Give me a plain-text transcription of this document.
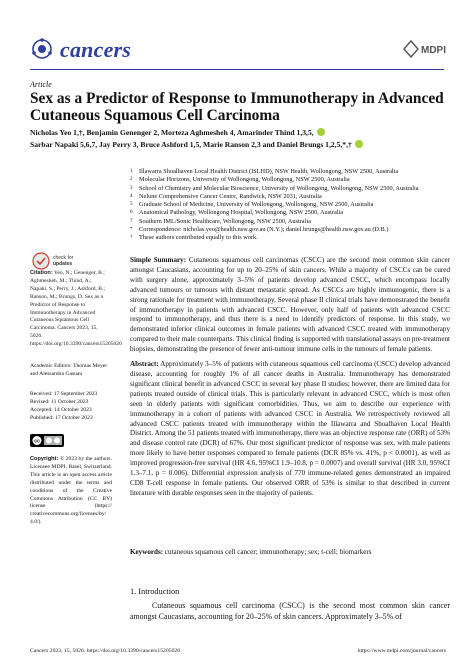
cancers	MDPI
Article
Sex as a Predictor of Response to Immunotherapy in Advanced Cutaneous Squamous Cell Carcinoma
Nicholas Yeo 1,†, Benjamin Genenger 2, Morteza Aghmesheh 4, Amarinder Thind 1,3,5,
Sarbar Napaki 5,6,7, Jay Perry 3, Bruce Ashford 1,5, Marie Ranson 2,3 and Daniel Brungs 1,2,5,*,†
1	Illawarra Shoalhaven Local Health District (ISLHD), NSW Health, Wollongong, NSW 2500, Australia
2	Molecular Horizons, University of Wollongong, Wollongong, NSW 2500, Australia
3	School of Chemistry and Molecular Bioscience, University of Wollongong, Wollongong, NSW 2500, Australia
4	Nelune Comprehensive Cancer Centre, Randwick, NSW 2031, Australia
5	Graduate School of Medicine, University of Wollongong, Wollongong, NSW 2500, Australia
6	Anatomical Pathology, Wollongong Hospital, Wollongong, NSW 2500, Australia
7	Southern IML/Sonic Healthcare, Wollongong, NSW 2500, Australia
*	Correspondence: nicholas.yeo@health.nsw.gov.au (N.Y.); daniel.brungs@health.nsw.gov.au (D.B.)
†	These authors contributed equally to this work.
check for
updates
Citation: Yeo, N.; Genenger, B.; Aghmesheh, M.; Thind, A.; Napaki, S.; Perry, J.; Ashford, B.; Ranson, M.; Brungs, D. Sex as a Predictor of Response to Immunotherapy in Advanced Cutaneous Squamous Cell Carcinoma. Cancers 2023, 15, 5026. https://doi.org/10.3390/cancers15205026
Academic Editors: Thomas Meyer and Alessandra Gasuau
Received: 17 September 2023
Revised: 11 October 2023
Accepted: 14 October 2023
Published: 17 October 2023
cc
Copyright: © 2023 by the authors. Licensee MDPI, Basel, Switzerland. This article is an open access article distributed under the terms and conditions of the Creative Commons Attribution (CC BY) license (https:// creativecommons.org/licenses/by/ 4.0/).

Simple Summary: Cutaneous squamous cell carcinomas (CSCC) are the second most common skin cancer amongst Caucasians, accounting for up to 20–25% of skin cancers. While a majority of CSCCs can be cured with surgery alone, approximately 3–5% of patients develop advanced CSCC, which encompass locally advanced tumours or tumours with distant metastatic spread. As CSCCs are highly immunogenic, there is a strong rationale for treatment with immunotherapy. Several phase II clinical trials have demonstrated the benefit of immunotherapy in patients with advanced CSCC. However, only half of patients with advanced CSCC respond to immunotherapy, and thus there is a need to identify predictors of response. In this study, we demonstrated inferior clinical outcomes in female patients with advanced CSCC treated with immunotherapy compared to their male counterparts. This clinical finding is supported with translational assays on pre-treatment biopsies, demonstrating the presence of fewer anti-tumour immune cells in the tumours of female patients.

Abstract: Approximately 3–5% of patients with cutaneous squamous cell carcinoma (CSCC) develop advanced disease, accounting for roughly 1% of all cancer deaths in Australia. Immunotherapy has demonstrated significant clinical benefit in advanced CSCC in several key phase II studies; however, there are limited data for patients treated outside of clinical trials. This is particularly relevant in advanced CSCC, which is most often seen in elderly patients with significant comorbidities. Thus, we aim to describe our experience with immunotherapy in a cohort of patients with advanced CSCC in Australia. We retrospectively reviewed all advanced CSCC patients treated with immunotherapy within the Illawarra and Shoalhaven Local Health District. Among the 51 patients treated with immunotherapy, there was an objective response rate (ORR) of 53% and disease control rate (DCR) of 67%. Our most significant predictor of response was sex, with male patients more likely to have better responses compared to female patients (DCR 85% vs. 41%, p < 0.0001), as well as improved progression-free survival (HR 4.6, 95%CI 1.9–10.8, p = 0.0007) and overall survival (HR 3.0, 95%CI 1.3–7.1, p = 0.006). Differential expression analysis of 770 immune-related genes demonstrated an impaired CD8 T-cell response in female patients. Our observed ORR of 53% is similar to that described in current literature with durable responses seen in the majority of patients.

Keywords: cutaneous squamous cell cancer; immunotherapy; sex; t-cell; biomarkers
1. Introduction
Cutaneous squamous cell carcinoma (CSCC) is the second most common skin cancer amongst Caucasians, accounting for 20–25% of skin cancers. Approximately 3–5% of
Cancers 2023, 15, 5026. https://doi.org/10.3390/cancers15205026	https://www.mdpi.com/journal/cancers
